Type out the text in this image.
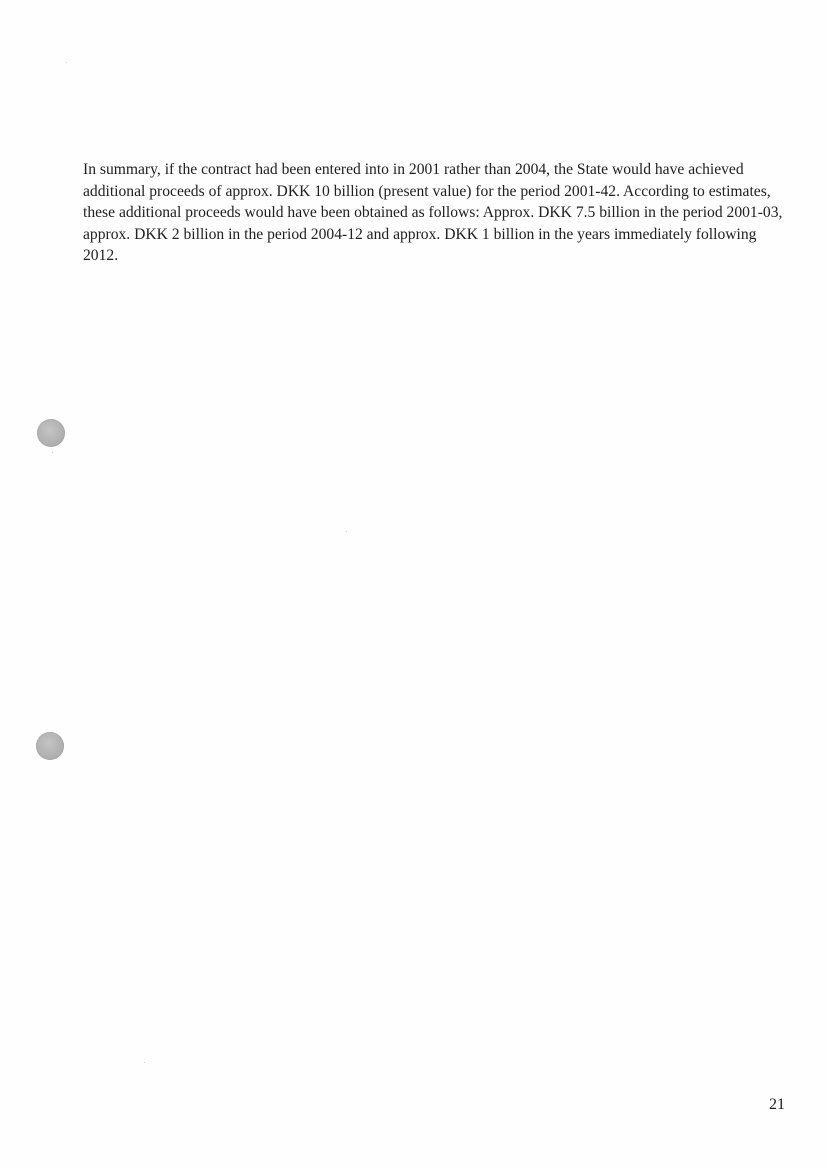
In summary, if the contract had been entered into in 2001 rather than 2004, the State would have achieved additional proceeds of approx. DKK 10 billion (present value) for the period 2001-42. According to estimates, these additional proceeds would have been obtained as follows: Approx. DKK 7.5 billion in the period 2001-03, approx. DKK 2 billion in the period 2004-12 and approx. DKK 1 billion in the years immediately following 2012.

21
